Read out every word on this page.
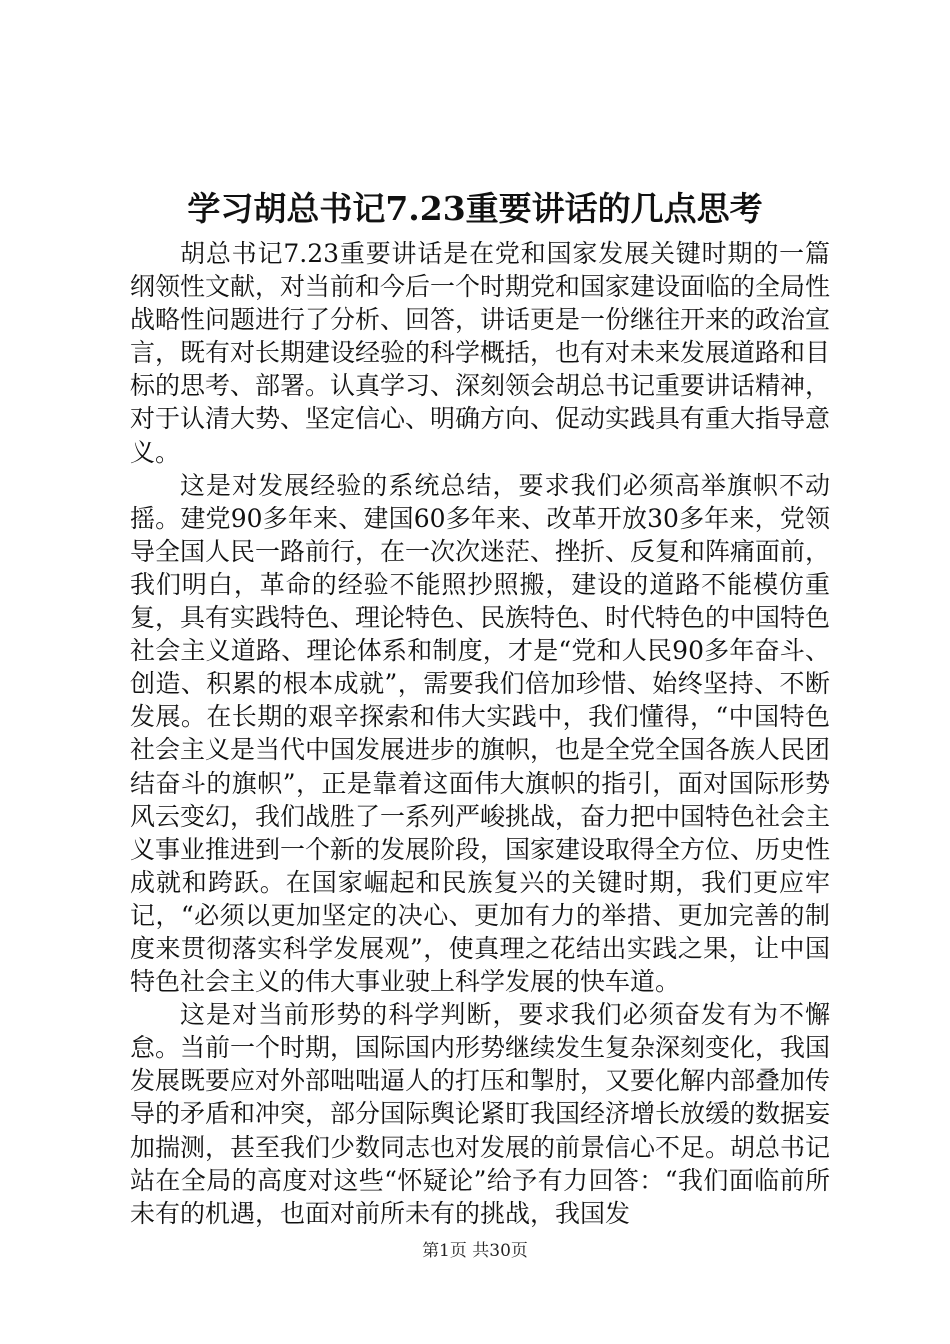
学习胡总书记7.23重要讲话的几点思考

胡总书记7.23重要讲话是在党和国家发展关键时期的一篇纲领性文献，对当前和今后一个时期党和国家建设面临的全局性战略性问题进行了分析、回答，讲话更是一份继往开来的政治宣言，既有对长期建设经验的科学概括，也有对未来发展道路和目标的思考、部署。认真学习、深刻领会胡总书记重要讲话精神，对于认清大势、坚定信心、明确方向、促动实践具有重大指导意义。

这是对发展经验的系统总结，要求我们必须高举旗帜不动摇。建党90多年来、建国60多年来、改革开放30多年来，党领导全国人民一路前行，在一次次迷茫、挫折、反复和阵痛面前，我们明白，革命的经验不能照抄照搬，建设的道路不能模仿重复，具有实践特色、理论特色、民族特色、时代特色的中国特色社会主义道路、理论体系和制度，才是“党和人民90多年奋斗、创造、积累的根本成就”，需要我们倍加珍惜、始终坚持、不断发展。在长期的艰辛探索和伟大实践中，我们懂得，“中国特色社会主义是当代中国发展进步的旗帜，也是全党全国各族人民团结奋斗的旗帜”，正是靠着这面伟大旗帜的指引，面对国际形势风云变幻，我们战胜了一系列严峻挑战，奋力把中国特色社会主义事业推进到一个新的发展阶段，国家建设取得全方位、历史性成就和跨跃。在国家崛起和民族复兴的关键时期，我们更应牢记，“必须以更加坚定的决心、更加有力的举措、更加完善的制度来贯彻落实科学发展观”，使真理之花结出实践之果，让中国特色社会主义的伟大事业驶上科学发展的快车道。

这是对当前形势的科学判断，要求我们必须奋发有为不懈怠。当前一个时期，国际国内形势继续发生复杂深刻变化，我国发展既要应对外部咄咄逼人的打压和掣肘，又要化解内部叠加传导的矛盾和冲突，部分国际舆论紧盯我国经济增长放缓的数据妄加揣测，甚至我们少数同志也对发展的前景信心不足。胡总书记站在全局的高度对这些“怀疑论”给予有力回答：“我们面临前所未有的机遇，也面对前所未有的挑战，我国发

第1页 共30页
